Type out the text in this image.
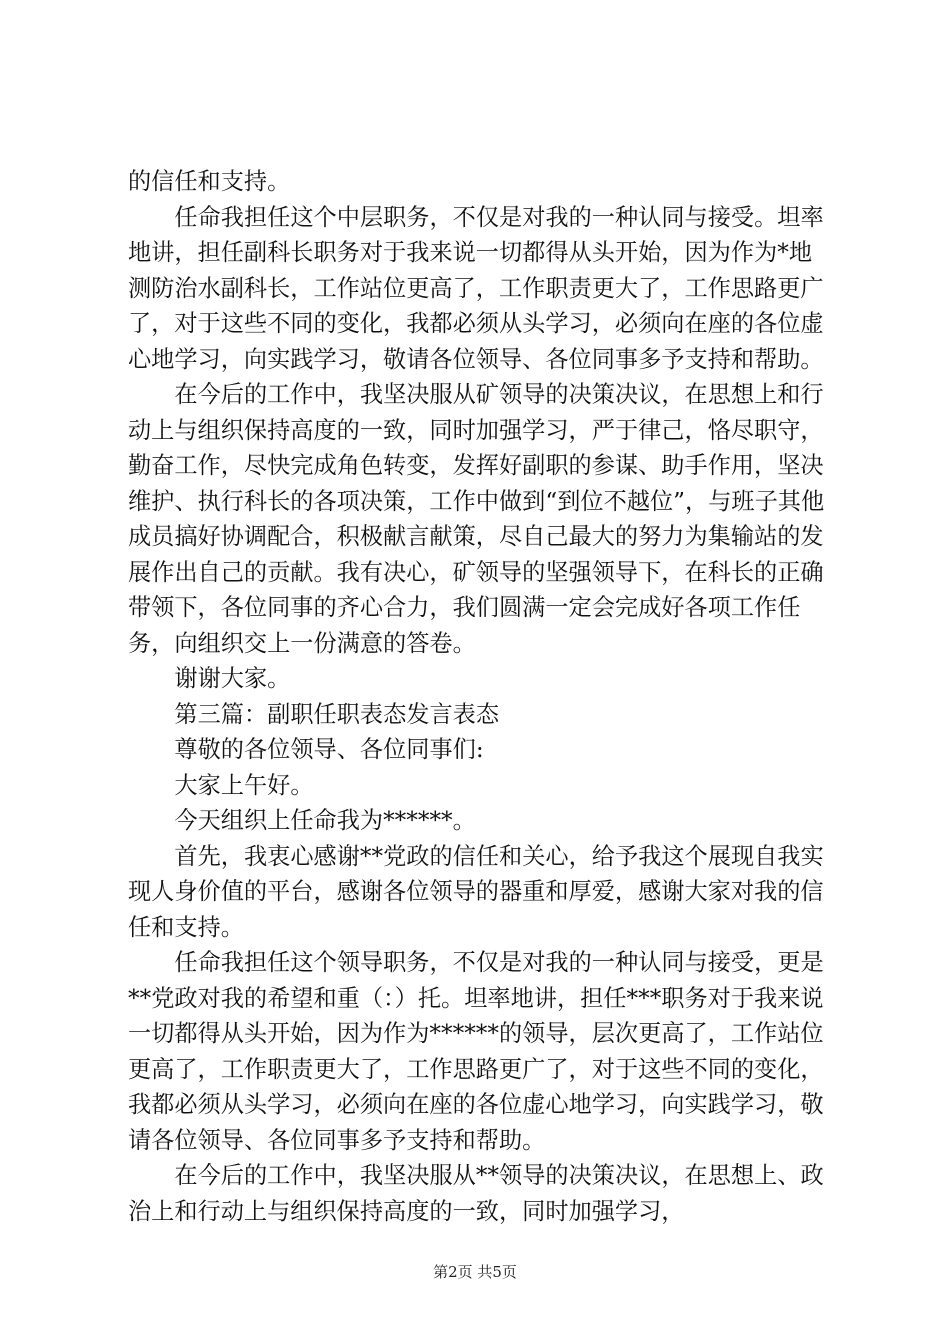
的信任和支持。

任命我担任这个中层职务，不仅是对我的一种认同与接受。坦率地讲，担任副科长职务对于我来说一切都得从头开始，因为作为*地测防治水副科长，工作站位更高了，工作职责更大了，工作思路更广了，对于这些不同的变化，我都必须从头学习，必须向在座的各位虚心地学习，向实践学习，敬请各位领导、各位同事多予支持和帮助。

在今后的工作中，我坚决服从矿领导的决策决议，在思想上和行动上与组织保持高度的一致，同时加强学习，严于律己，恪尽职守，勤奋工作，尽快完成角色转变，发挥好副职的参谋、助手作用，坚决维护、执行科长的各项决策，工作中做到“到位不越位”，与班子其他成员搞好协调配合，积极献言献策，尽自己最大的努力为集输站的发展作出自己的贡献。我有决心，矿领导的坚强领导下，在科长的正确带领下，各位同事的齐心合力，我们圆满一定会完成好各项工作任务，向组织交上一份满意的答卷。

谢谢大家。

第三篇：副职任职表态发言表态

尊敬的各位领导、各位同事们:

大家上午好。

今天组织上任命我为******。

首先，我衷心感谢**党政的信任和关心，给予我这个展现自我实现人身价值的平台，感谢各位领导的器重和厚爱，感谢大家对我的信任和支持。

任命我担任这个领导职务，不仅是对我的一种认同与接受，更是**党政对我的希望和重（：）托。坦率地讲，担任***职务对于我来说一切都得从头开始，因为作为******的领导，层次更高了，工作站位更高了，工作职责更大了，工作思路更广了，对于这些不同的变化，我都必须从头学习，必须向在座的各位虚心地学习，向实践学习，敬请各位领导、各位同事多予支持和帮助。

在今后的工作中，我坚决服从**领导的决策决议，在思想上、政治上和行动上与组织保持高度的一致，同时加强学习，

第2页 共5页
